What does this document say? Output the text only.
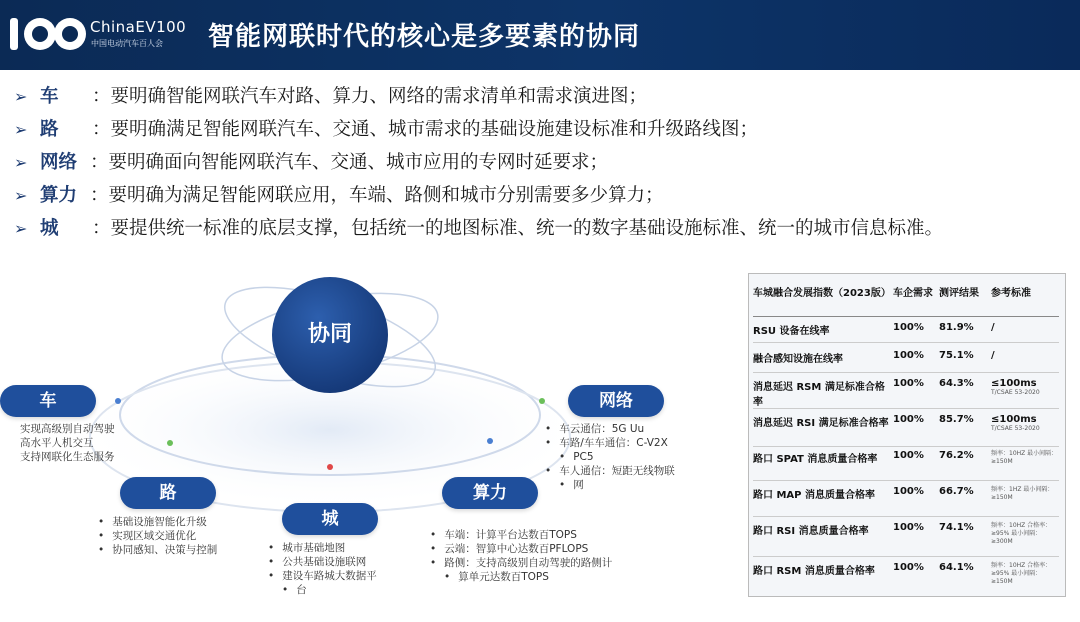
ChinaEV100
中国电动汽车百人会 智能网联时代的核心是多要素的协同
➢ 车 ：要明确智能网联汽车对路、算力、网络的需求清单和需求演进图；
➢ 路 ：要明确满足智能网联汽车、交通、城市需求的基础设施建设标准和升级路线图；
➢ 网络 ：要明确面向智能网联汽车、交通、城市应用的专网时延要求；
➢ 算力 ：要明确为满足智能网联应用，车端、路侧和城市分别需要多少算力；
➢ 城 ：要提供统一标准的底层支撑，包括统一的地图标准、统一的数字基础设施标准、统一的城市信息标准。
协同
车
实现高级别自动驾驶
高水平人机交互
支持网联化生态服务
网络
• 车云通信：5G Uu
• 车路/车车通信：C-V2X
• PC5
• 车人通信：短距无线物联
• 网
路
• 基础设施智能化升级
• 实现区域交通优化
• 协同感知、决策与控制
城
• 城市基础地图
• 公共基础设施联网
• 建设车路城大数据平
• 台
算力
• 车端：计算平台达数百TOPS
• 云端：智算中心达数百PFLOPS
• 路侧：支持高级别自动驾驶的路侧计
• 算单元达数百TOPS
车城融合发展指数（2023版） 车企需求 测评结果	参考标准
RSU 设备在线率	100%	81.9%	/
融合感知设施在线率	100%	75.1%	/
消息延迟 RSM 满足标准合格率
100%	64.3%	≤100ms
T/CSAE 53-2020
消息延迟 RSI 满足标准合格率 100%	85.7%	≤100ms
T/CSAE 53-2020
路口 SPAT 消息质量合格率	100%	76.2%	频率：10HZ 最小间隔：≥150M
路口 MAP 消息质量合格率	100%	66.7%	频率：1HZ 最小间隔：≥150M
路口 RSI 消息质量合格率	100%	74.1%	频率：10HZ 合格率：≥95% 最小间隔：≥300M
路口 RSM 消息质量合格率	100%	64.1%	频率：10HZ 合格率：≥95% 最小间隔：≥150M
